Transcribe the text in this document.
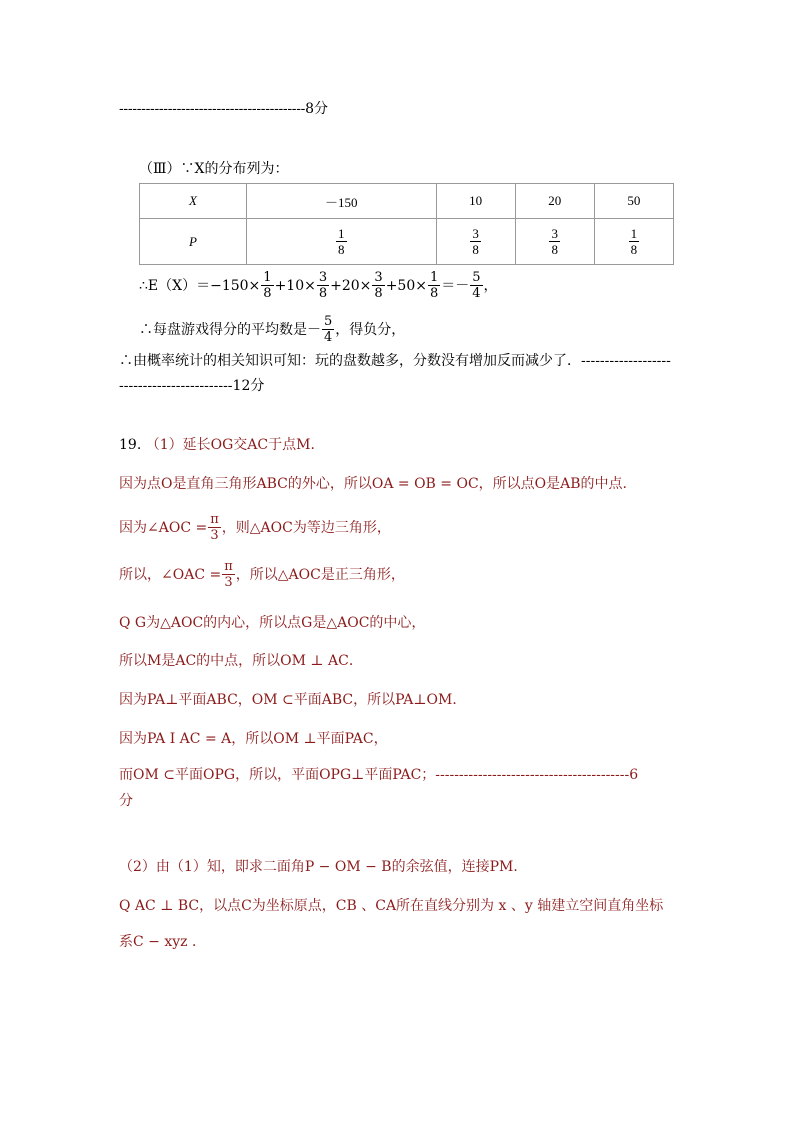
------------------------------------------8分
（Ⅲ）∵X的分布列为：
X	－150	10	20	50
P	$\frac{1}{8}$	$\frac{3}{8}$	$\frac{3}{8}$	$\frac{1}{8}$
∴E（X）＝−150× $\frac{1}{8} +10\times \frac{3}{8} +20\times \frac{3}{8} +50\times \frac{1}{8} =- \frac{5}{4}$ ，
∴每盘游戏得分的平均数是－ $\frac{5}{4}$ ，得负分，
∴由概率统计的相关知识可知：玩的盘数越多，分数没有增加反而减少了．-------------------
------------------------12分
19. （1）延长OG交AC于点M．
因为点O是直角三角形ABC的外心，所以OA = OB = OC，所以点O是AB的中点.
因为∠AOC = $\frac{\pi}{3}$ ，则△AOC为等边三角形，
所以，∠OAC = $\frac{\pi}{3}$ ，所以△AOC是正三角形，
Q G为△AOC的内心，所以点G是△AOC的中心，
所以M是AC的中点，所以OM ⊥ AC．
因为PA⊥平面ABC，OM ⊂平面ABC，所以PA⊥OM．
因为PA I AC = A，所以OM ⊥平面PAC，
而OM ⊂平面OPG，所以，平面OPG⊥平面PAC；-----------------------------------------6
分
（2）由（1）知，即求二面角P − OM − B的余弦值，连接PM．
Q AC ⊥ BC，以点C为坐标原点，CB 、CA所在直线分别为 x 、y 轴建立空间直角坐标
系C − xyz ．
